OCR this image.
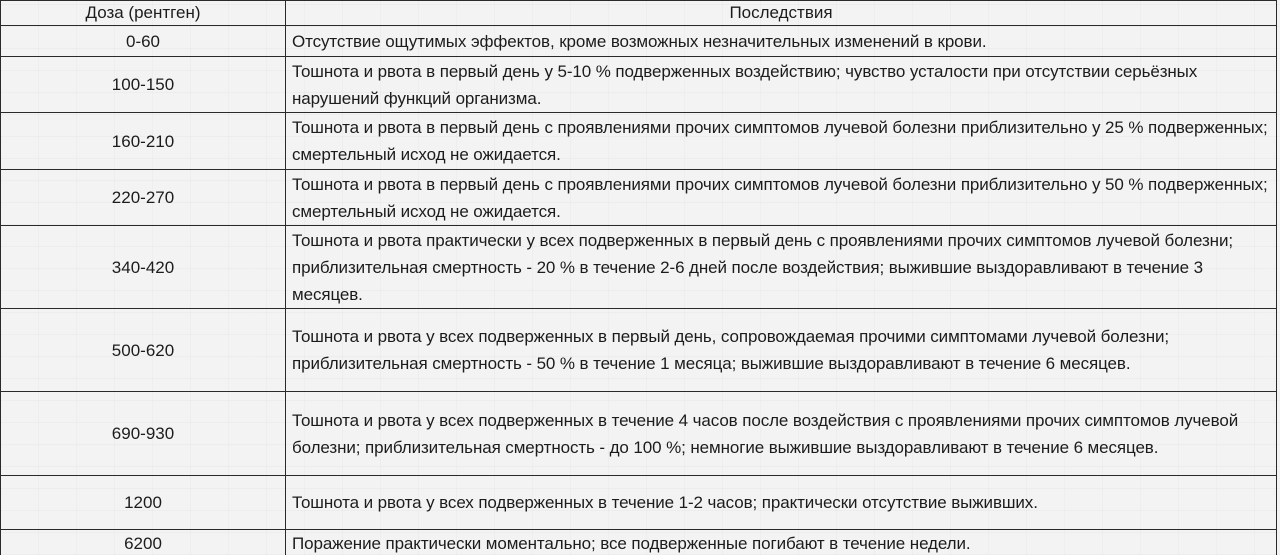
Доза (рентген)	Последствия
0-60	Отсутствие ощутимых эффектов, кроме возможных незначительных изменений в крови.
100-150	Тошнота и рвота в первый день у 5-10 % подверженных воздействию; чувство усталости при отсутствии серьёзных нарушений функций организма.
160-210	Тошнота и рвота в первый день с проявлениями прочих симптомов лучевой болезни приблизительно у 25 % подверженных; смертельный исход не ожидается.
220-270	Тошнота и рвота в первый день с проявлениями прочих симптомов лучевой болезни приблизительно у 50 % подверженных; смертельный исход не ожидается.
340-420	Тошнота и рвота практически у всех подверженных в первый день с проявлениями прочих симптомов лучевой болезни; приблизительная смертность - 20 % в течение 2-6 дней после воздействия; выжившие выздоравливают в течение 3 месяцев.
500-620	Тошнота и рвота у всех подверженных в первый день, сопровождаемая прочими симптомами лучевой болезни; приблизительная смертность - 50 % в течение 1 месяца; выжившие выздоравливают в течение 6 месяцев.
690-930	Тошнота и рвота у всех подверженных в течение 4 часов после воздействия с проявлениями прочих симптомов лучевой болезни; приблизительная смертность - до 100 %; немногие выжившие выздоравливают в течение 6 месяцев.
1200	Тошнота и рвота у всех подверженных в течение 1-2 часов; практически отсутствие выживших.
6200	Поражение практически моментально; все подверженные погибают в течение недели.
